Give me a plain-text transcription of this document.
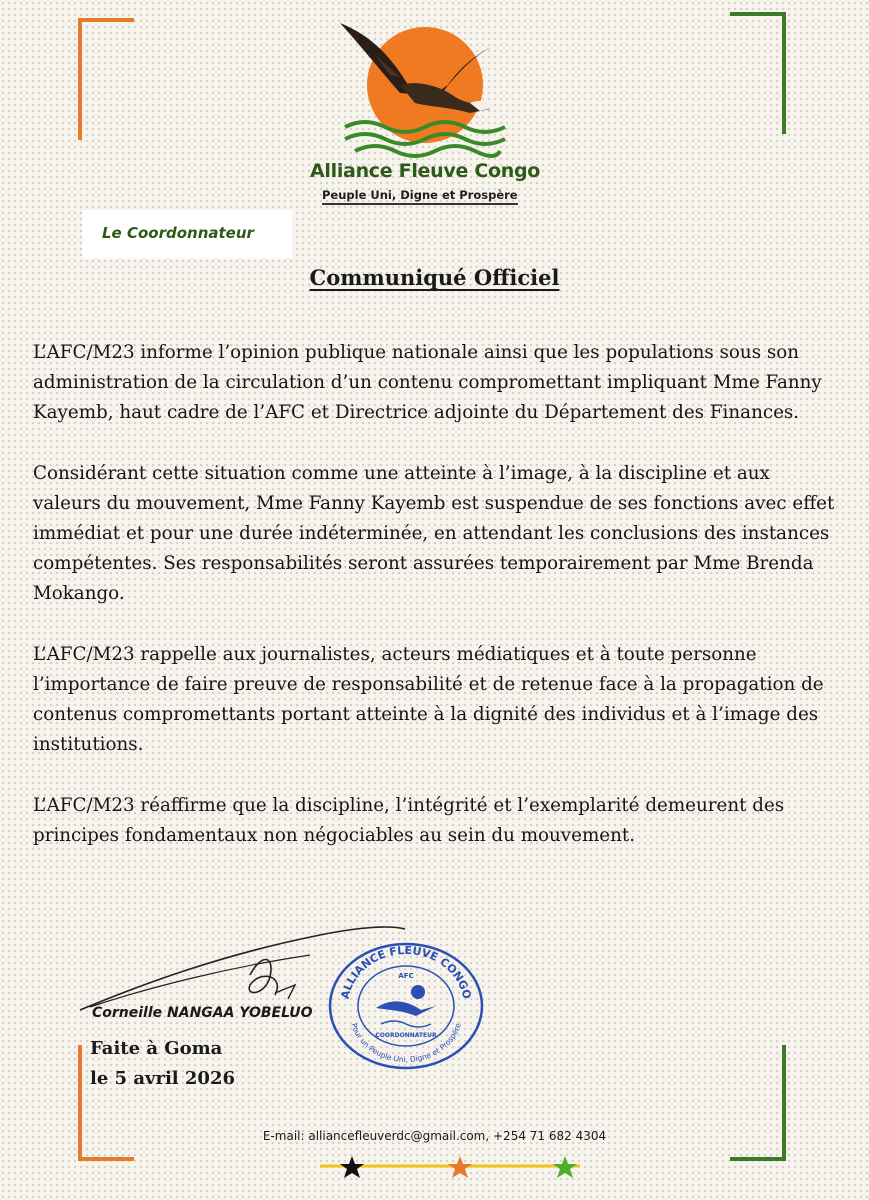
Alliance Fleuve Congo
Peuple Uni, Digne et Prospère
Le Coordonnateur
Communiqué Officiel

L’AFC/M23 informe l’opinion publique nationale ainsi que les populations sous son administration de la circulation d’un contenu compromettant impliquant Mme Fanny Kayemb, haut cadre de l’AFC et Directrice adjointe du Département des Finances.

Considérant cette situation comme une atteinte à l’image, à la discipline et aux valeurs du mouvement, Mme Fanny Kayemb est suspendue de ses fonctions avec effet immédiat et pour une durée indéterminée, en attendant les conclusions des instances compétentes. Ses responsabilités seront assurées temporairement par Mme Brenda Mokango.

L’AFC/M23 rappelle aux journalistes, acteurs médiatiques et à toute personne l’importance de faire preuve de responsabilité et de retenue face à la propagation de contenus compromettants portant atteinte à la dignité des individus et à l’image des institutions.

L’AFC/M23 réaffirme que la discipline, l’intégrité et l’exemplarité demeurent des principes fondamentaux non négociables au sein du mouvement.

Corneille NANGAA YOBELUO
Faite à Goma
le 5 avril 2026
ALLIANCE FLEUVE CONGO
Pour un Peuple Uni, Digne et Prospère
AFC
COORDONNATEUR
E-mail: alliancefleuverdc@gmail.com, +254 71 682 4304
